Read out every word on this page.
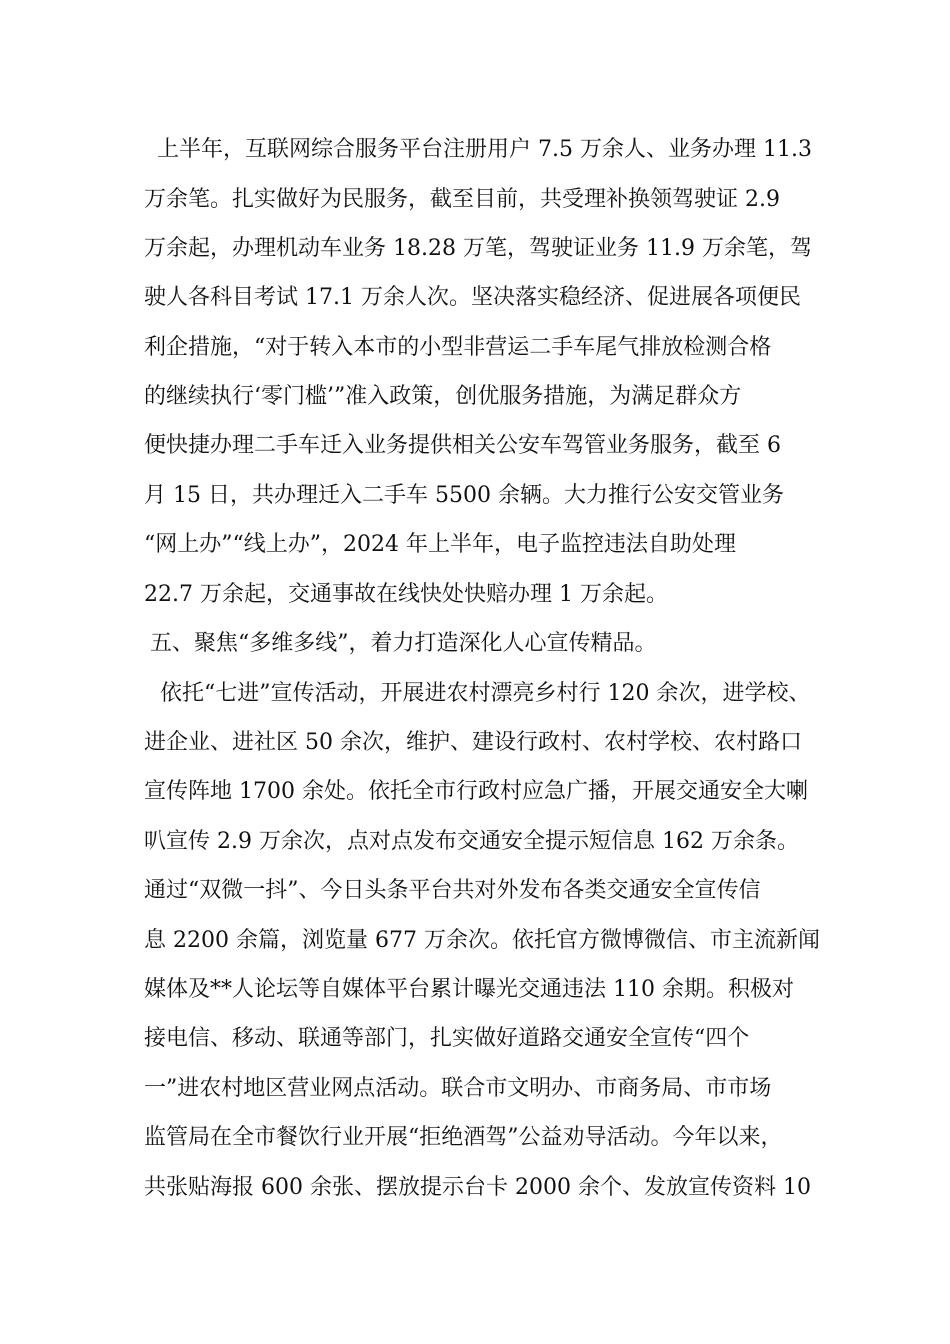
上半年，互联网综合服务平台注册用户 7.5 万余人、业务办理 11.3
万余笔。扎实做好为民服务，截至目前，共受理补换领驾驶证 2.9
万余起，办理机动车业务 18.28 万笔，驾驶证业务 11.9 万余笔，驾
驶人各科目考试 17.1 万余人次。坚决落实稳经济、促进展各项便民
利企措施，“对于转入本市的小型非营运二手车尾气排放检测合格
的继续执行‘零门槛’”准入政策，创优服务措施，为满足群众方
便快捷办理二手车迁入业务提供相关公安车驾管业务服务，截至 6
月 15 日，共办理迁入二手车 5500 余辆。大力推行公安交管业务
“网上办”“线上办”，2024 年上半年，电子监控违法自助处理
22.7 万余起，交通事故在线快处快赔办理 1 万余起。
五、聚焦“多维多线”，着力打造深化人心宣传精品。
依托“七进”宣传活动，开展进农村漂亮乡村行 120 余次，进学校、
进企业、进社区 50 余次，维护、建设行政村、农村学校、农村路口
宣传阵地 1700 余处。依托全市行政村应急广播，开展交通安全大喇
叭宣传 2.9 万余次，点对点发布交通安全提示短信息 162 万余条。
通过“双微一抖”、今日头条平台共对外发布各类交通安全宣传信
息 2200 余篇，浏览量 677 万余次。依托官方微博微信、市主流新闻
媒体及**人论坛等自媒体平台累计曝光交通违法 110 余期。积极对
接电信、移动、联通等部门，扎实做好道路交通安全宣传“四个
一”进农村地区营业网点活动。联合市文明办、市商务局、市市场
监管局在全市餐饮行业开展“拒绝酒驾”公益劝导活动。今年以来，
共张贴海报 600 余张、摆放提示台卡 2000 余个、发放宣传资料 10
